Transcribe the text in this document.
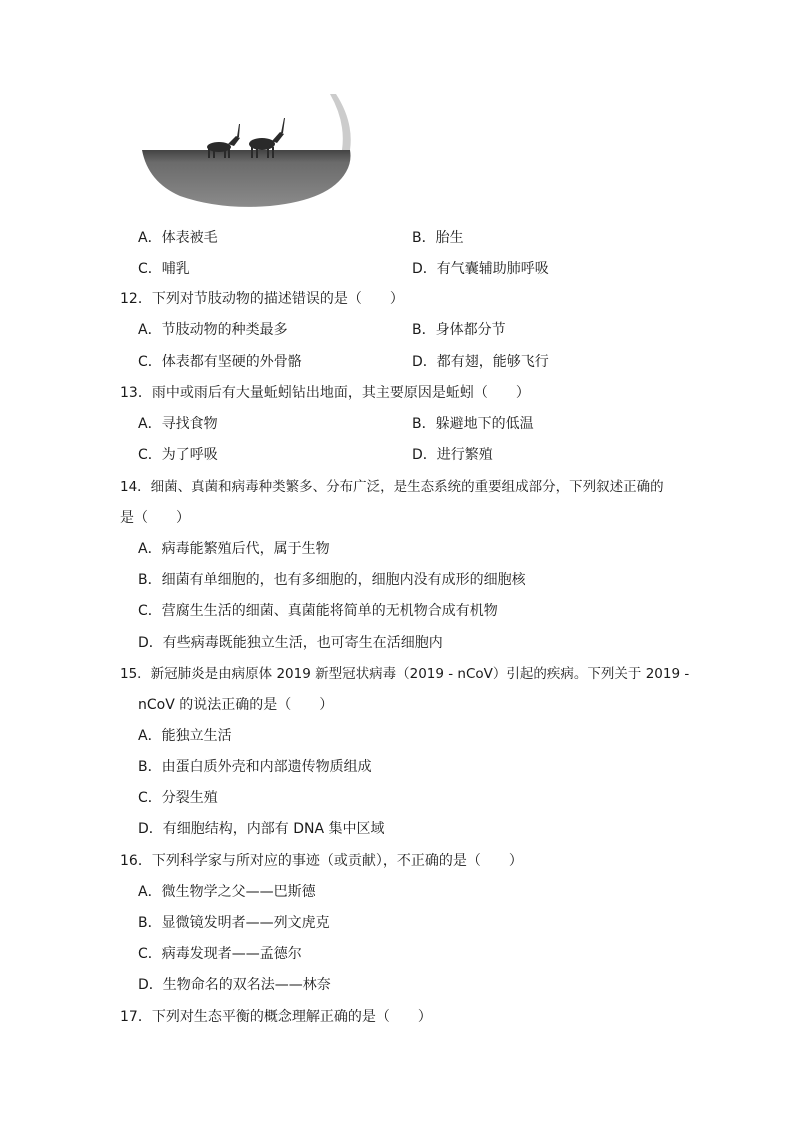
A．体表被毛	B．胎生
C．哺乳	D．有气囊辅助肺呼吸
12．下列对节肢动物的描述错误的是（　　）
A．节肢动物的种类最多	B．身体都分节
C．体表都有坚硬的外骨骼	D．都有翅，能够飞行
13．雨中或雨后有大量蚯蚓钻出地面，其主要原因是蚯蚓（　　）
A．寻找食物	B．躲避地下的低温
C．为了呼吸	D．进行繁殖
14．细菌、真菌和病毒种类繁多、分布广泛，是生态系统的重要组成部分，下列叙述正确的
是（　　）
A．病毒能繁殖后代，属于生物
B．细菌有单细胞的，也有多细胞的，细胞内没有成形的细胞核
C．营腐生生活的细菌、真菌能将简单的无机物合成有机物
D．有些病毒既能独立生活，也可寄生在活细胞内
15．新冠肺炎是由病原体 2019 新型冠状病毒（2019 - nCoV）引起的疾病。下列关于 2019 -
nCoV 的说法正确的是（　　）
A．能独立生活
B．由蛋白质外壳和内部遗传物质组成
C．分裂生殖
D．有细胞结构，内部有 DNA 集中区域
16．下列科学家与所对应的事迹（或贡献），不正确的是（　　）
A．微生物学之父——巴斯德
B．显微镜发明者——列文虎克
C．病毒发现者——孟德尔
D．生物命名的双名法——林奈
17．下列对生态平衡的概念理解正确的是（　　）
